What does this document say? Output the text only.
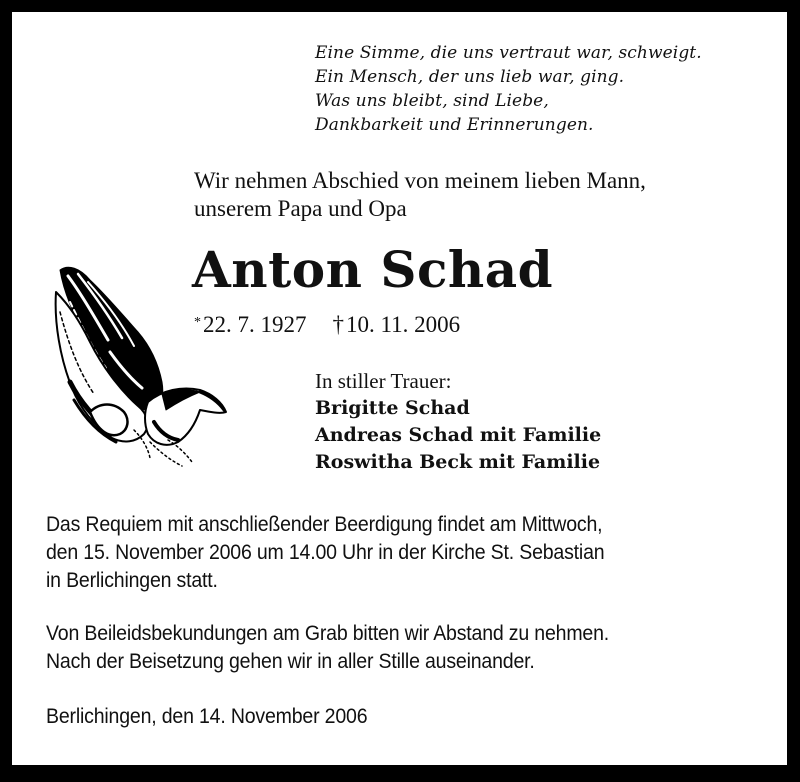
Eine Simme, die uns vertraut war, schweigt.
Ein Mensch, der uns lieb war, ging.
Was uns bleibt, sind Liebe,
Dankbarkeit und Erinnerungen.
Wir nehmen Abschied von meinem lieben Mann,
unserem Papa und Opa
Anton Schad
*22. 7. 1927 †10. 11. 2006
In stiller Trauer:
Brigitte Schad
Andreas Schad mit Familie
Roswitha Beck mit Familie
Das Requiem mit anschließender Beerdigung findet am Mittwoch,
den 15. November 2006 um 14.00 Uhr in der Kirche St. Sebastian
in Berlichingen statt.
Von Beileidsbekundungen am Grab bitten wir Abstand zu nehmen.
Nach der Beisetzung gehen wir in aller Stille auseinander.
Berlichingen, den 14. November 2006
